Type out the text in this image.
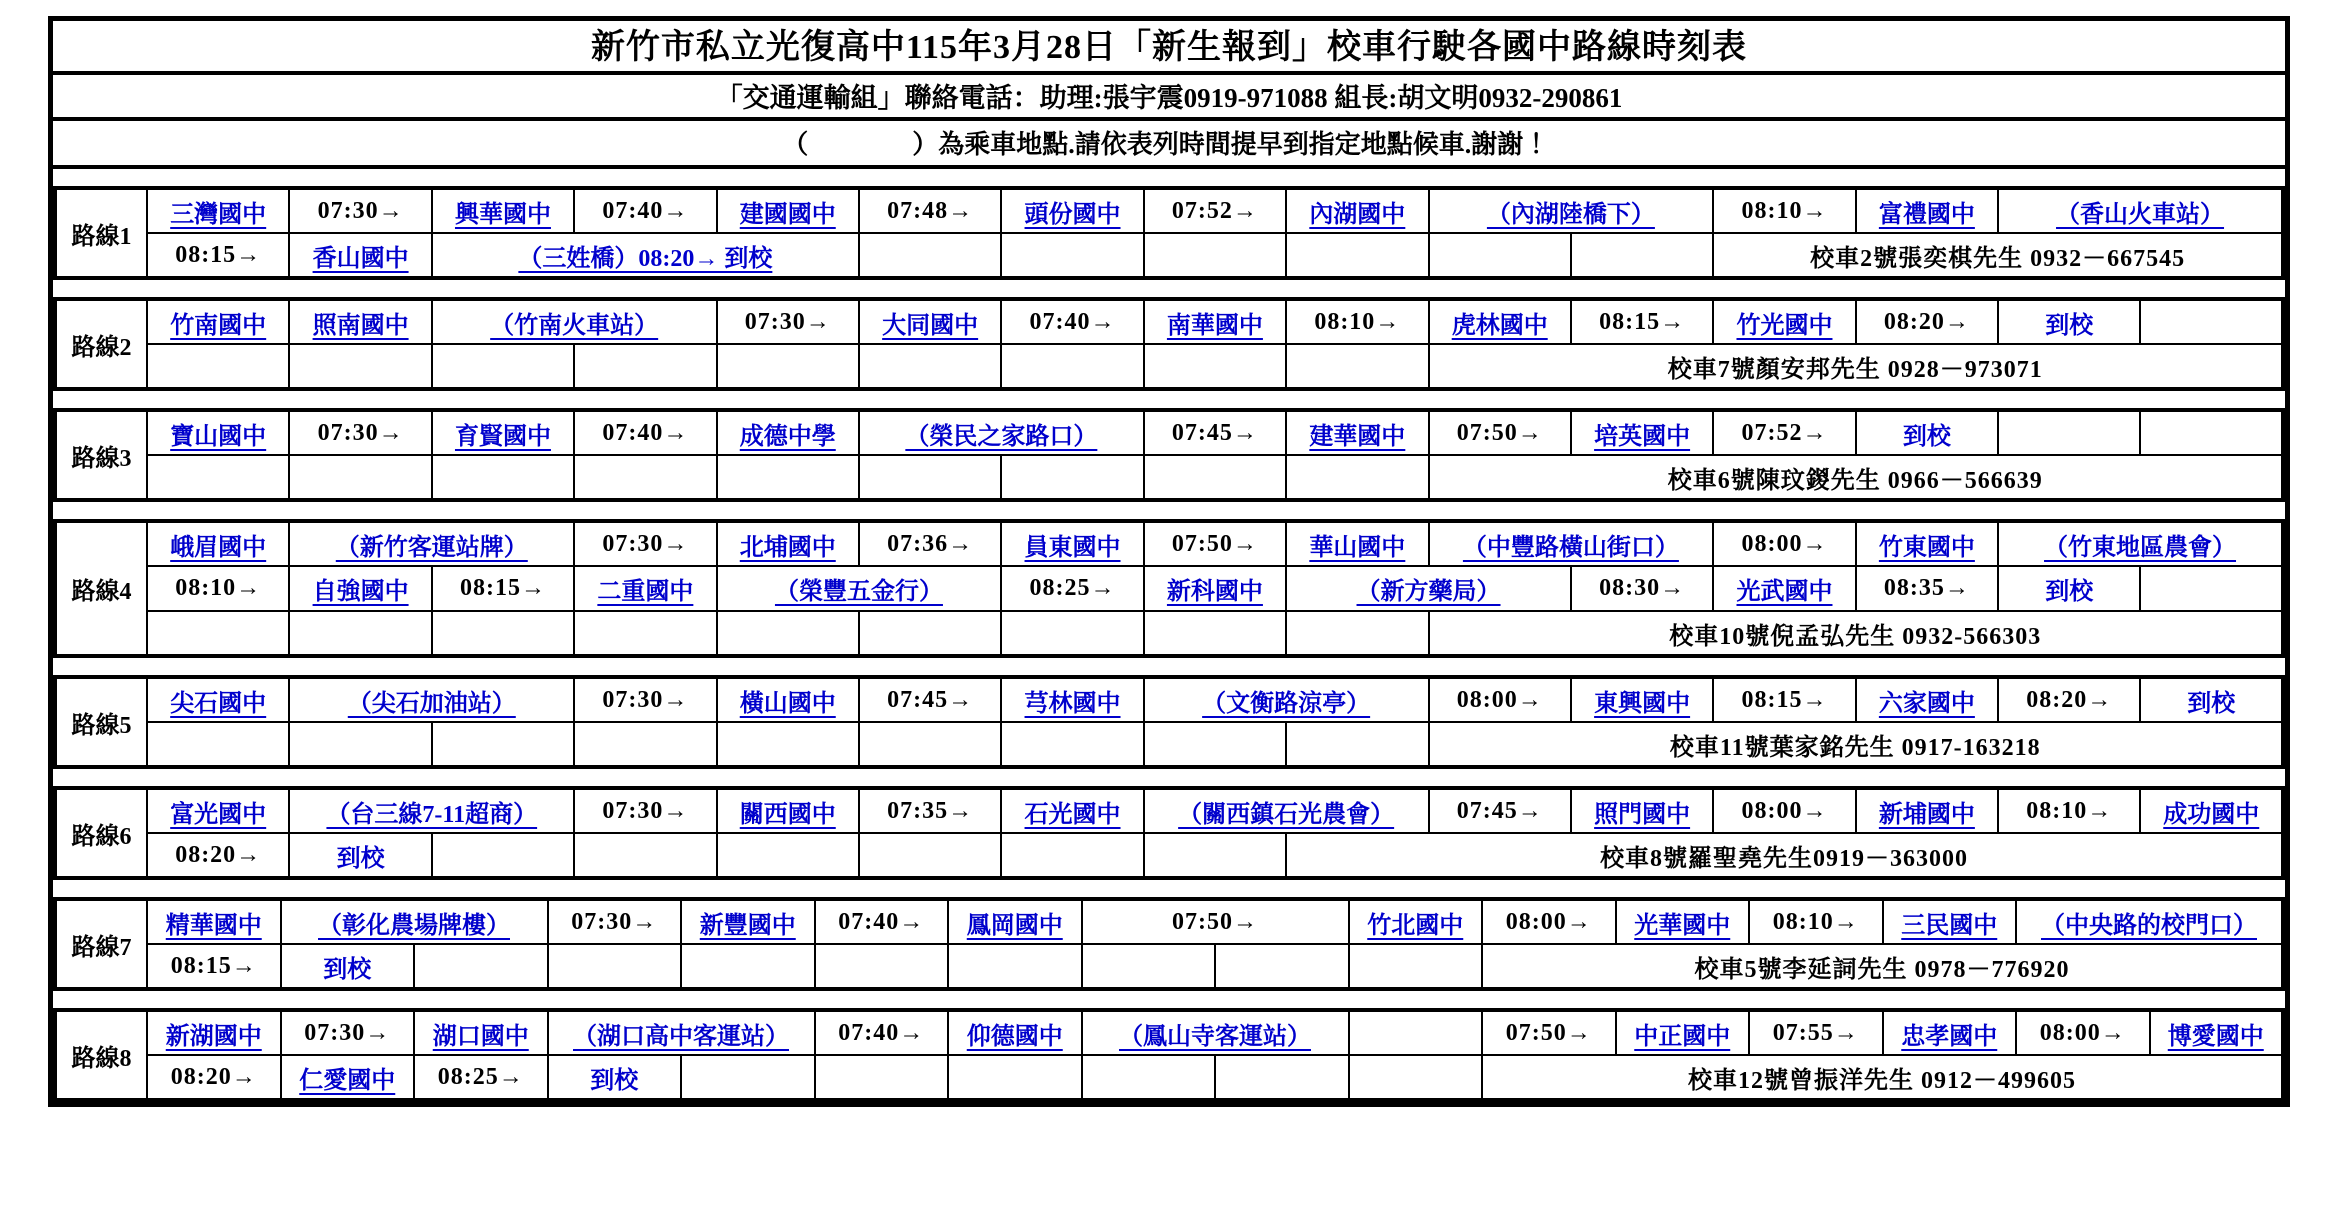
新竹市私立光復高中115年3月28日「新生報到」校車行駛各國中路線時刻表
「交通運輸組」聯絡電話：助理:張宇震0919-971088 組長:胡文明0932-290861
（　　　　）為乘車地點.請依表列時間提早到指定地點候車.謝謝 ！
路線1	三灣國中	07:30→	興華國中	07:40→	建國國中	07:48→	頭份國中	07:52→	內湖國中	（內湖陸橋下）		08:10→	富禮國中	（香山火車站）
	08:15→	香山國中	（三姓橋）08:20→ 到校									校車2號張奕棋先生 0932－667545		
路線2	竹南國中	照南國中	（竹南火車站）		07:30→	大同國中	07:40→	南華國中	08:10→	虎林國中	08:15→	竹光國中	08:20→	到校	
										校車7號顏安邦先生 0928－973071					
路線3	寶山國中	07:30→	育賢國中	07:40→	成德中學	（榮民之家路口）		07:45→	建華國中	07:50→	培英國中	07:52→	到校		
										校車6號陳玟鍐先生 0966－566639					
路線4	峨眉國中	（新竹客運站牌）		07:30→	北埔國中	07:36→	員東國中	07:50→	華山國中	（中豐路橫山街口）		08:00→	竹東國中	（竹東地區農會）	
	08:10→	自強國中	08:15→	二重國中	（榮豐五金行）		08:25→	新科國中	（新方藥局）		08:30→	光武國中	08:35→	到校	
										校車10號倪孟弘先生 0932-566303					
路線5	尖石國中	（尖石加油站）		07:30→	橫山國中	07:45→	芎林國中	（文衡路涼亭）		08:00→	東興國中	08:15→	六家國中	08:20→	到校
										校車11號葉家銘先生 0917-163218					
路線6	富光國中	（台三線7-11超商）		07:30→	關西國中	07:35→	石光國中	（關西鎮石光農會）		07:45→	照門國中	08:00→	新埔國中	08:10→	成功國中
	08:20→	到校							校車8號羅聖堯先生0919－363000						
路線7	精華國中	（彰化農場牌樓）		07:30→	新豐國中	07:40→	鳳岡國中	07:50→		竹北國中	08:00→	光華國中	08:10→	三民國中	（中央路的校門口）
	08:15→	到校									校車5號李延詞先生 0978－776920				
路線8	新湖國中	07:30→	湖口國中	（湖口高中客運站）		07:40→	仰德國中	（鳳山寺客運站）			07:50→	中正國中	07:55→	忠孝國中	08:00→	博愛國中
	08:20→	仁愛國中	08:25→	到校							校車12號曾振洋先生 0912－499605					
